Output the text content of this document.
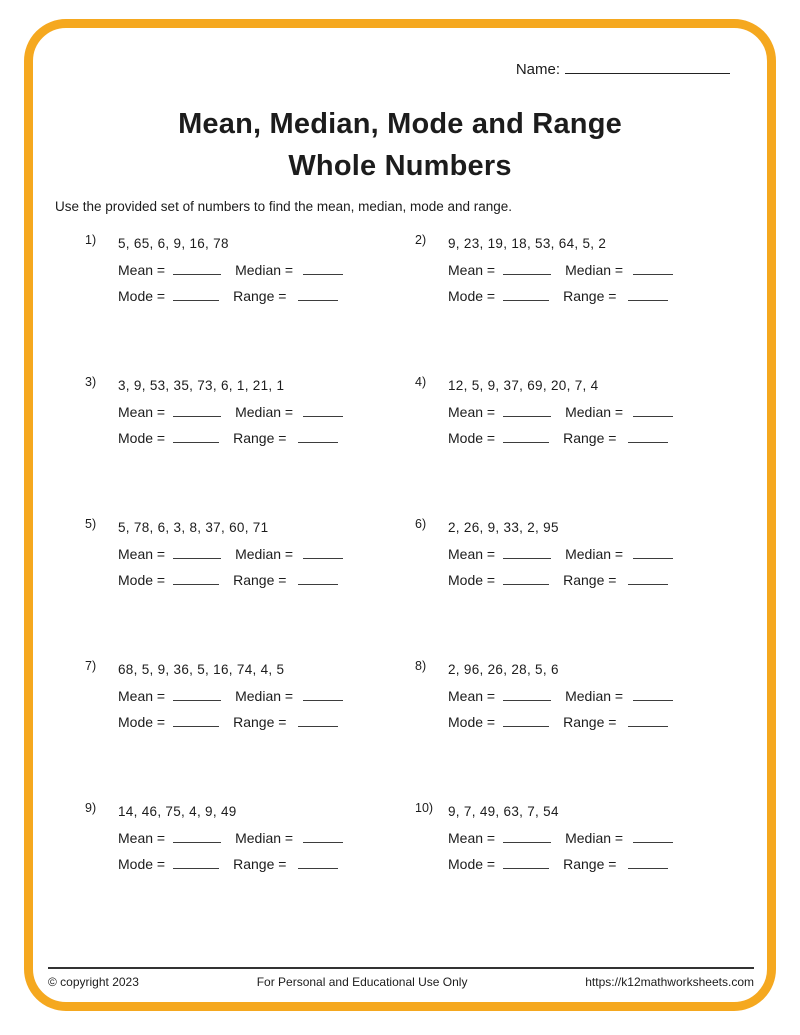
Name:
Mean, Median, Mode and Range
Whole Numbers
Use the provided set of numbers to find the mean, median, mode and range.
1)	5, 65, 6, 9, 16, 78
Mean =	Median =
Mode =	Range =
2)	9, 23, 19, 18, 53, 64, 5, 2
Mean =	Median =
Mode =	Range =
3)	3, 9, 53, 35, 73, 6, 1, 21, 1
Mean =	Median =
Mode =	Range =
4)	12, 5, 9, 37, 69, 20, 7, 4
Mean =	Median =
Mode =	Range =
5)	5, 78, 6, 3, 8, 37, 60, 71
Mean =	Median =
Mode =	Range =
6)	2, 26, 9, 33, 2, 95
Mean =	Median =
Mode =	Range =
7)	68, 5, 9, 36, 5, 16, 74, 4, 5
Mean =	Median =
Mode =	Range =
8)	2, 96, 26, 28, 5, 6
Mean =	Median =
Mode =	Range =
9)	14, 46, 75, 4, 9, 49
Mean =	Median =
Mode =	Range =
10)	9, 7, 49, 63, 7, 54
Mean =	Median =
Mode =	Range =
© copyright 2023	For Personal and Educational Use Only	https://k12mathworksheets.com
